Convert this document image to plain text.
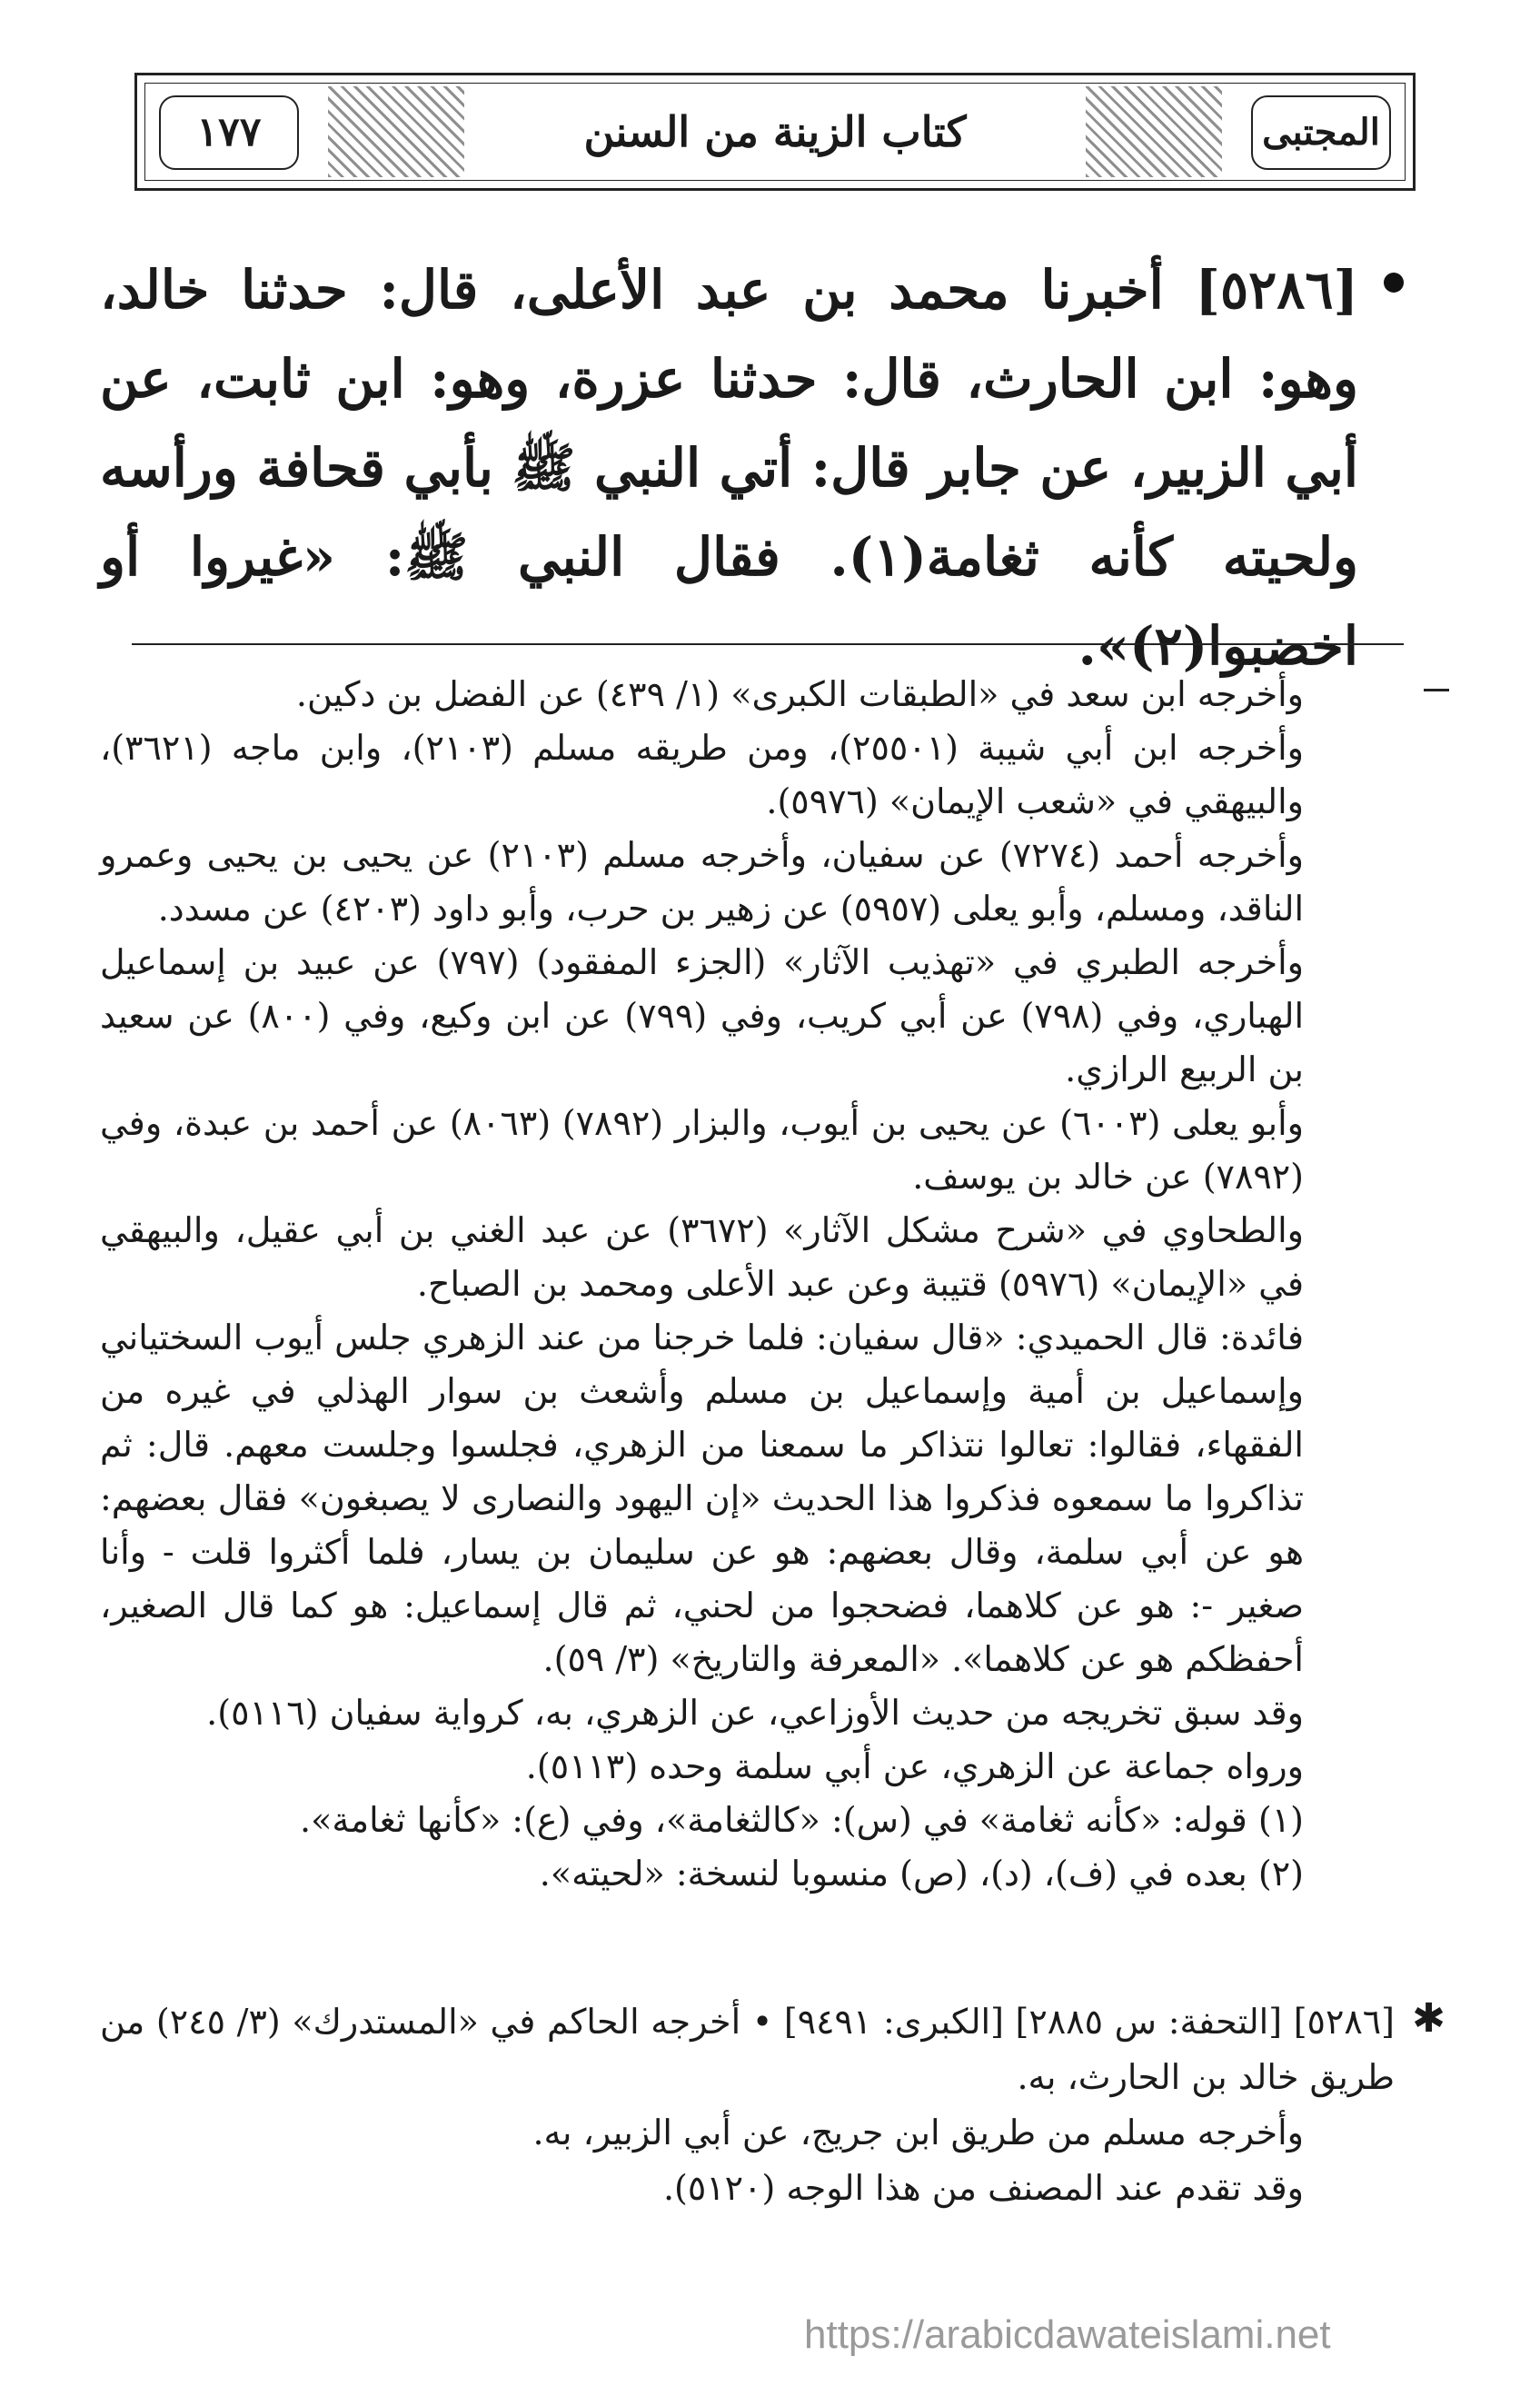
١٧٧	كتاب الزينة من السنن	المجتبى
[٥٢٨٦] أخبرنا محمد بن عبد الأعلى، قال: حدثنا خالد، وهو: ابن الحارث، قال: حدثنا عزرة، وهو: ابن ثابت، عن أبي الزبير، عن جابر قال: أتي النبي ﷺ بأبي قحافة ورأسه ولحيته كأنه ثغامة(١). فقال النبي ﷺ: «غيروا أو اخضبوا(٢)».

وأخرجه ابن سعد في «الطبقات الكبرى» (١/ ٤٣٩) عن الفضل بن دكين.

وأخرجه ابن أبي شيبة (٢٥٥٠١)، ومن طريقه مسلم (٢١٠٣)، وابن ماجه (٣٦٢١)، والبيهقي في «شعب الإيمان» (٥٩٧٦).

وأخرجه أحمد (٧٢٧٤) عن سفيان، وأخرجه مسلم (٢١٠٣) عن يحيى بن يحيى وعمرو الناقد، ومسلم، وأبو يعلى (٥٩٥٧) عن زهير بن حرب، وأبو داود (٤٢٠٣) عن مسدد.

وأخرجه الطبري في «تهذيب الآثار» (الجزء المفقود) (٧٩٧) عن عبيد بن إسماعيل الهباري، وفي (٧٩٨) عن أبي كريب، وفي (٧٩٩) عن ابن وكيع، وفي (٨٠٠) عن سعيد بن الربيع الرازي.

وأبو يعلى (٦٠٠٣) عن يحيى بن أيوب، والبزار (٧٨٩٢) (٨٠٦٣) عن أحمد بن عبدة، وفي (٧٨٩٢) عن خالد بن يوسف.

والطحاوي في «شرح مشكل الآثار» (٣٦٧٢) عن عبد الغني بن أبي عقيل، والبيهقي في «الإيمان» (٥٩٧٦) قتيبة وعن عبد الأعلى ومحمد بن الصباح.

فائدة: قال الحميدي: «قال سفيان: فلما خرجنا من عند الزهري جلس أيوب السختياني وإسماعيل بن أمية وإسماعيل بن مسلم وأشعث بن سوار الهذلي في غيره من الفقهاء، فقالوا: تعالوا نتذاكر ما سمعنا من الزهري، فجلسوا وجلست معهم. قال: ثم تذاكروا ما سمعوه فذكروا هذا الحديث «إن اليهود والنصارى لا يصبغون» فقال بعضهم: هو عن أبي سلمة، وقال بعضهم: هو عن سليمان بن يسار، فلما أكثروا قلت - وأنا صغير -: هو عن كلاهما، فضحجوا من لحني، ثم قال إسماعيل: هو كما قال الصغير، أحفظكم هو عن كلاهما». «المعرفة والتاريخ» (٣/ ٥٩).

وقد سبق تخريجه من حديث الأوزاعي، عن الزهري، به، كرواية سفيان (٥١١٦).

ورواه جماعة عن الزهري، عن أبي سلمة وحده (٥١١٣).

(١) قوله: «كأنه ثغامة» في (س): «كالثغامة»، وفي (ع): «كأنها ثغامة».

(٢) بعده في (ف)، (د)، (ص) منسوبا لنسخة: «لحيته».

✱

[٥٢٨٦] [التحفة: س ٢٨٨٥] [الكبرى: ٩٤٩١] • أخرجه الحاكم في «المستدرك» (٣/ ٢٤٥) من طريق خالد بن الحارث، به.

وأخرجه مسلم من طريق ابن جريج، عن أبي الزبير، به.

وقد تقدم عند المصنف من هذا الوجه (٥١٢٠).

https://arabicdawateislami.net
